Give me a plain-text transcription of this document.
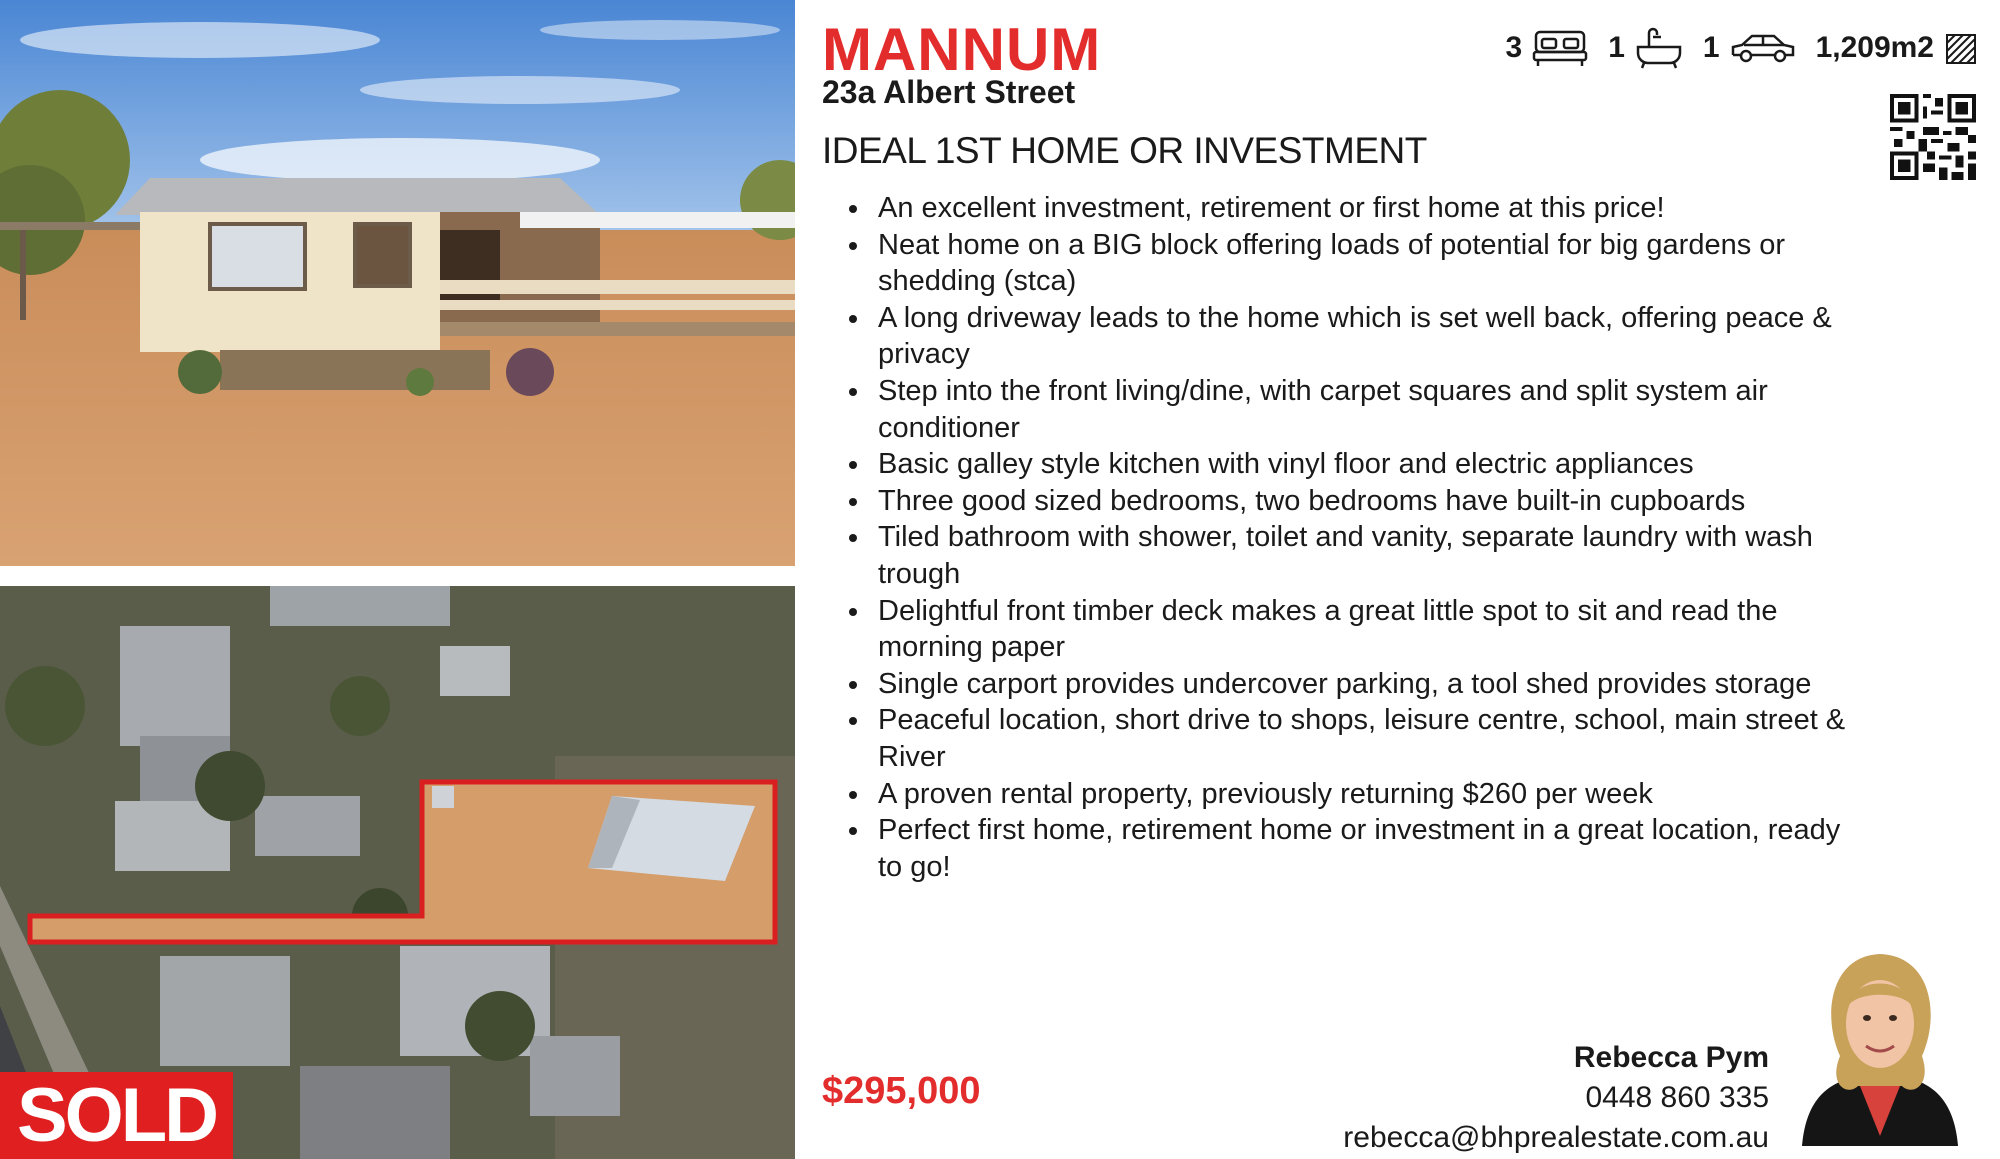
SOLD
MANNUM
23a Albert Street
IDEAL 1ST HOME OR INVESTMENT
3	1	1	1,209m2
• An excellent investment, retirement or first home at this price!
• Neat home on a BIG block offering loads of potential for big gardens or shedding (stca)
• A long driveway leads to the home which is set well back, offering peace & privacy
• Step into the front living/dine, with carpet squares and split system air conditioner
• Basic galley style kitchen with vinyl floor and electric appliances
• Three good sized bedrooms, two bedrooms have built-in cupboards
• Tiled bathroom with shower, toilet and vanity, separate laundry with wash trough
• Delightful front timber deck makes a great little spot to sit and read the morning paper
• Single carport provides undercover parking, a tool shed provides storage
• Peaceful location, short drive to shops, leisure centre, school, main street & River
• A proven rental property, previously returning $260 per week
• Perfect first home, retirement home or investment in a great location, ready to go!
$295,000
Rebecca Pym
0448 860 335
rebecca@bhprealestate.com.au
